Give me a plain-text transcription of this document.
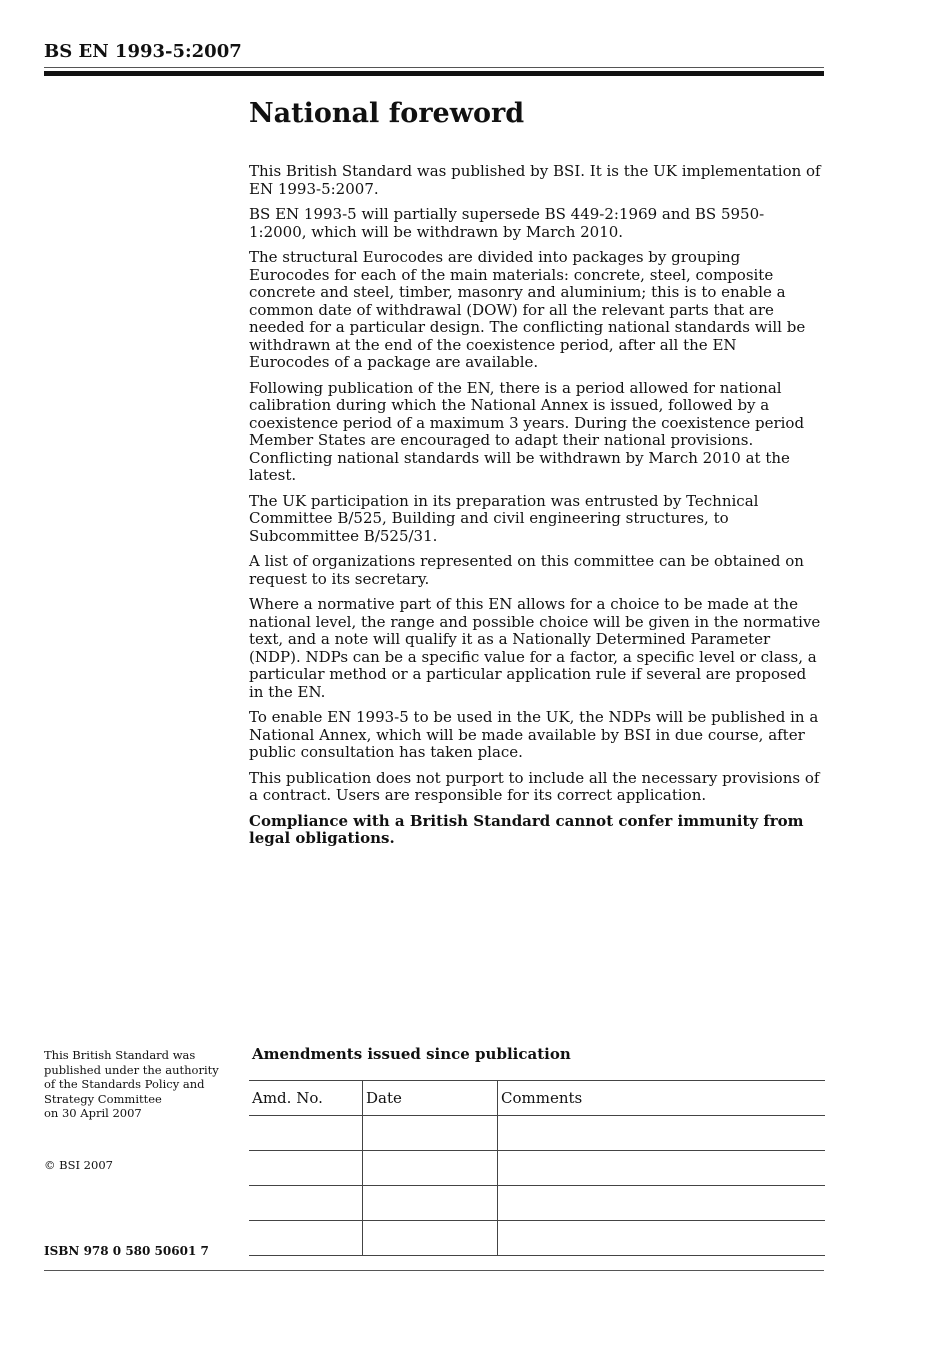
BS EN 1993-5:2007
National foreword

This British Standard was published by BSI. It is the UK implementation of EN 1993-5:2007.

BS EN 1993-5 will partially supersede BS 449-2:1969 and BS 5950-1:2000, which will be withdrawn by March 2010.

The structural Eurocodes are divided into packages by grouping Eurocodes for each of the main materials: concrete, steel, composite concrete and steel, timber, masonry and aluminium; this is to enable a common date of withdrawal (DOW) for all the relevant parts that are needed for a particular design. The conflicting national standards will be withdrawn at the end of the coexistence period, after all the EN Eurocodes of a package are available.

Following publication of the EN, there is a period allowed for national calibration during which the National Annex is issued, followed by a coexistence period of a maximum 3 years. During the coexistence period Member States are encouraged to adapt their national provisions. Conflicting national standards will be withdrawn by March 2010 at the latest.

The UK participation in its preparation was entrusted by Technical Committee B/525, Building and civil engineering structures, to Subcommittee B/525/31.

A list of organizations represented on this committee can be obtained on request to its secretary.

Where a normative part of this EN allows for a choice to be made at the national level, the range and possible choice will be given in the normative text, and a note will qualify it as a Nationally Determined Parameter (NDP). NDPs can be a specific value for a factor, a specific level or class, a particular method or a particular application rule if several are proposed in the EN.

To enable EN 1993-5 to be used in the UK, the NDPs will be published in a National Annex, which will be made available by BSI in due course, after public consultation has taken place.

This publication does not purport to include all the necessary provisions of a contract. Users are responsible for its correct application.

Compliance with a British Standard cannot confer immunity from legal obligations.

This British Standard was
published under the authority
of the Standards Policy and
Strategy Committee
on 30 April 2007
© BSI 2007
ISBN 978 0 580 50601 7
Amendments issued since publication
Amd. No.	Date	Comments
